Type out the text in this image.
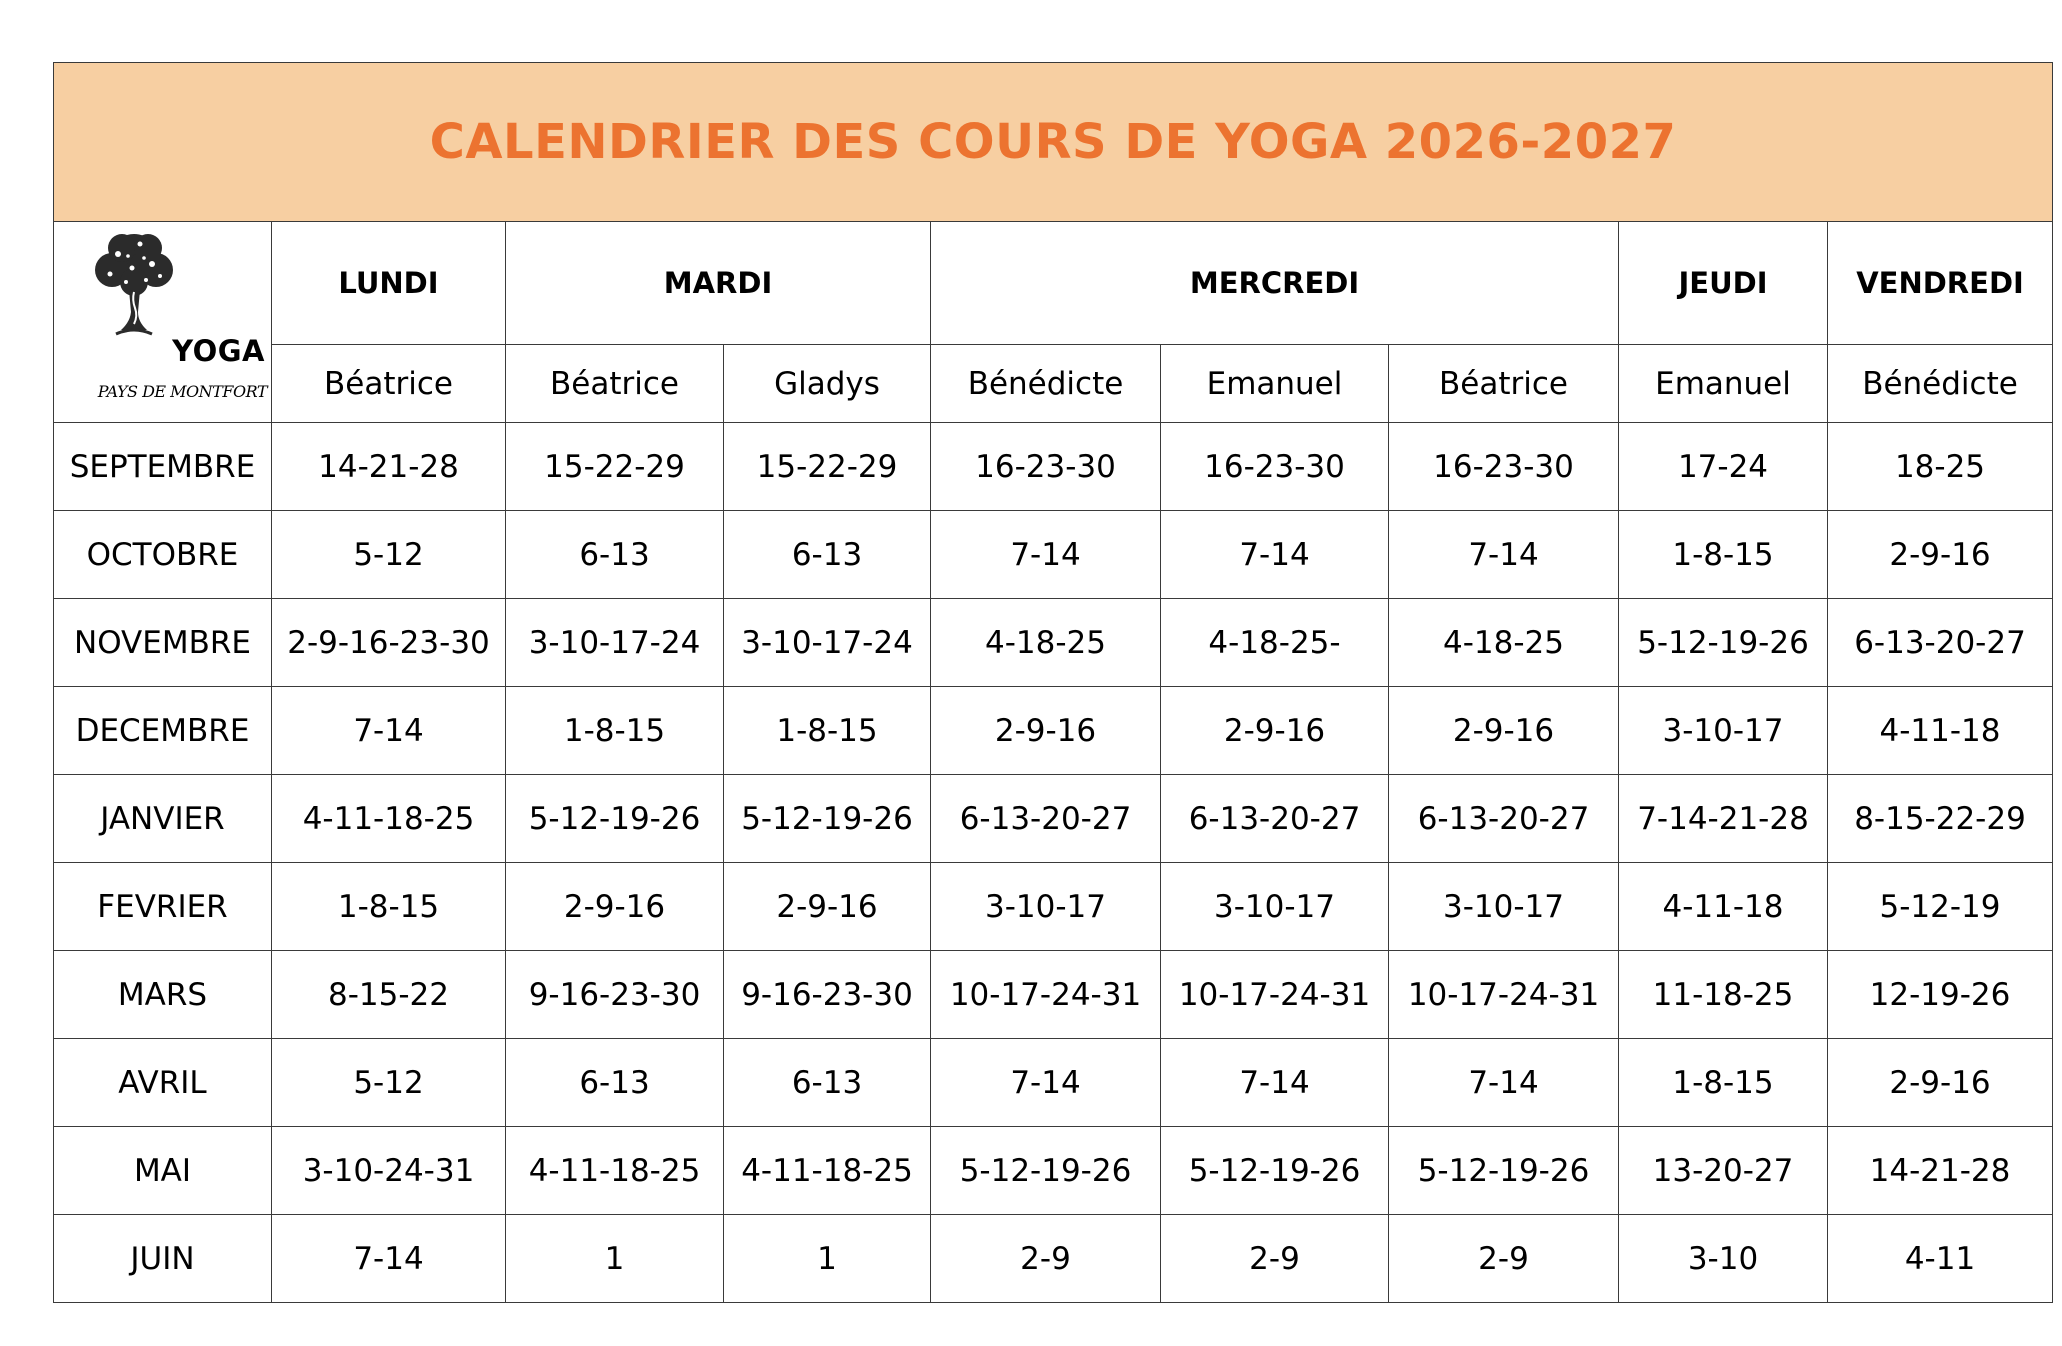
CALENDRIER DES COURS DE YOGA 2026-2027								

YOGA
PAYS DE MONTFORT	LUNDI	MARDI		MERCREDI			JEUDI	VENDREDI
	Béatrice	Béatrice	Gladys	Bénédicte	Emanuel	Béatrice	Emanuel	Bénédicte
SEPTEMBRE	14-21-28	15-22-29	15-22-29	16-23-30	16-23-30	16-23-30	17-24	18-25
OCTOBRE	5-12	6-13	6-13	7-14	7-14	7-14	1-8-15	2-9-16
NOVEMBRE	2-9-16-23-30	3-10-17-24	3-10-17-24	4-18-25	4-18-25-	4-18-25	5-12-19-26	6-13-20-27
DECEMBRE	7-14	1-8-15	1-8-15	2-9-16	2-9-16	2-9-16	3-10-17	4-11-18
JANVIER	4-11-18-25	5-12-19-26	5-12-19-26	6-13-20-27	6-13-20-27	6-13-20-27	7-14-21-28	8-15-22-29
FEVRIER	1-8-15	2-9-16	2-9-16	3-10-17	3-10-17	3-10-17	4-11-18	5-12-19
MARS	8-15-22	9-16-23-30	9-16-23-30	10-17-24-31	10-17-24-31	10-17-24-31	11-18-25	12-19-26
AVRIL	5-12	6-13	6-13	7-14	7-14	7-14	1-8-15	2-9-16
MAI	3-10-24-31	4-11-18-25	4-11-18-25	5-12-19-26	5-12-19-26	5-12-19-26	13-20-27	14-21-28
JUIN	7-14	1	1	2-9	2-9	2-9	3-10	4-11
